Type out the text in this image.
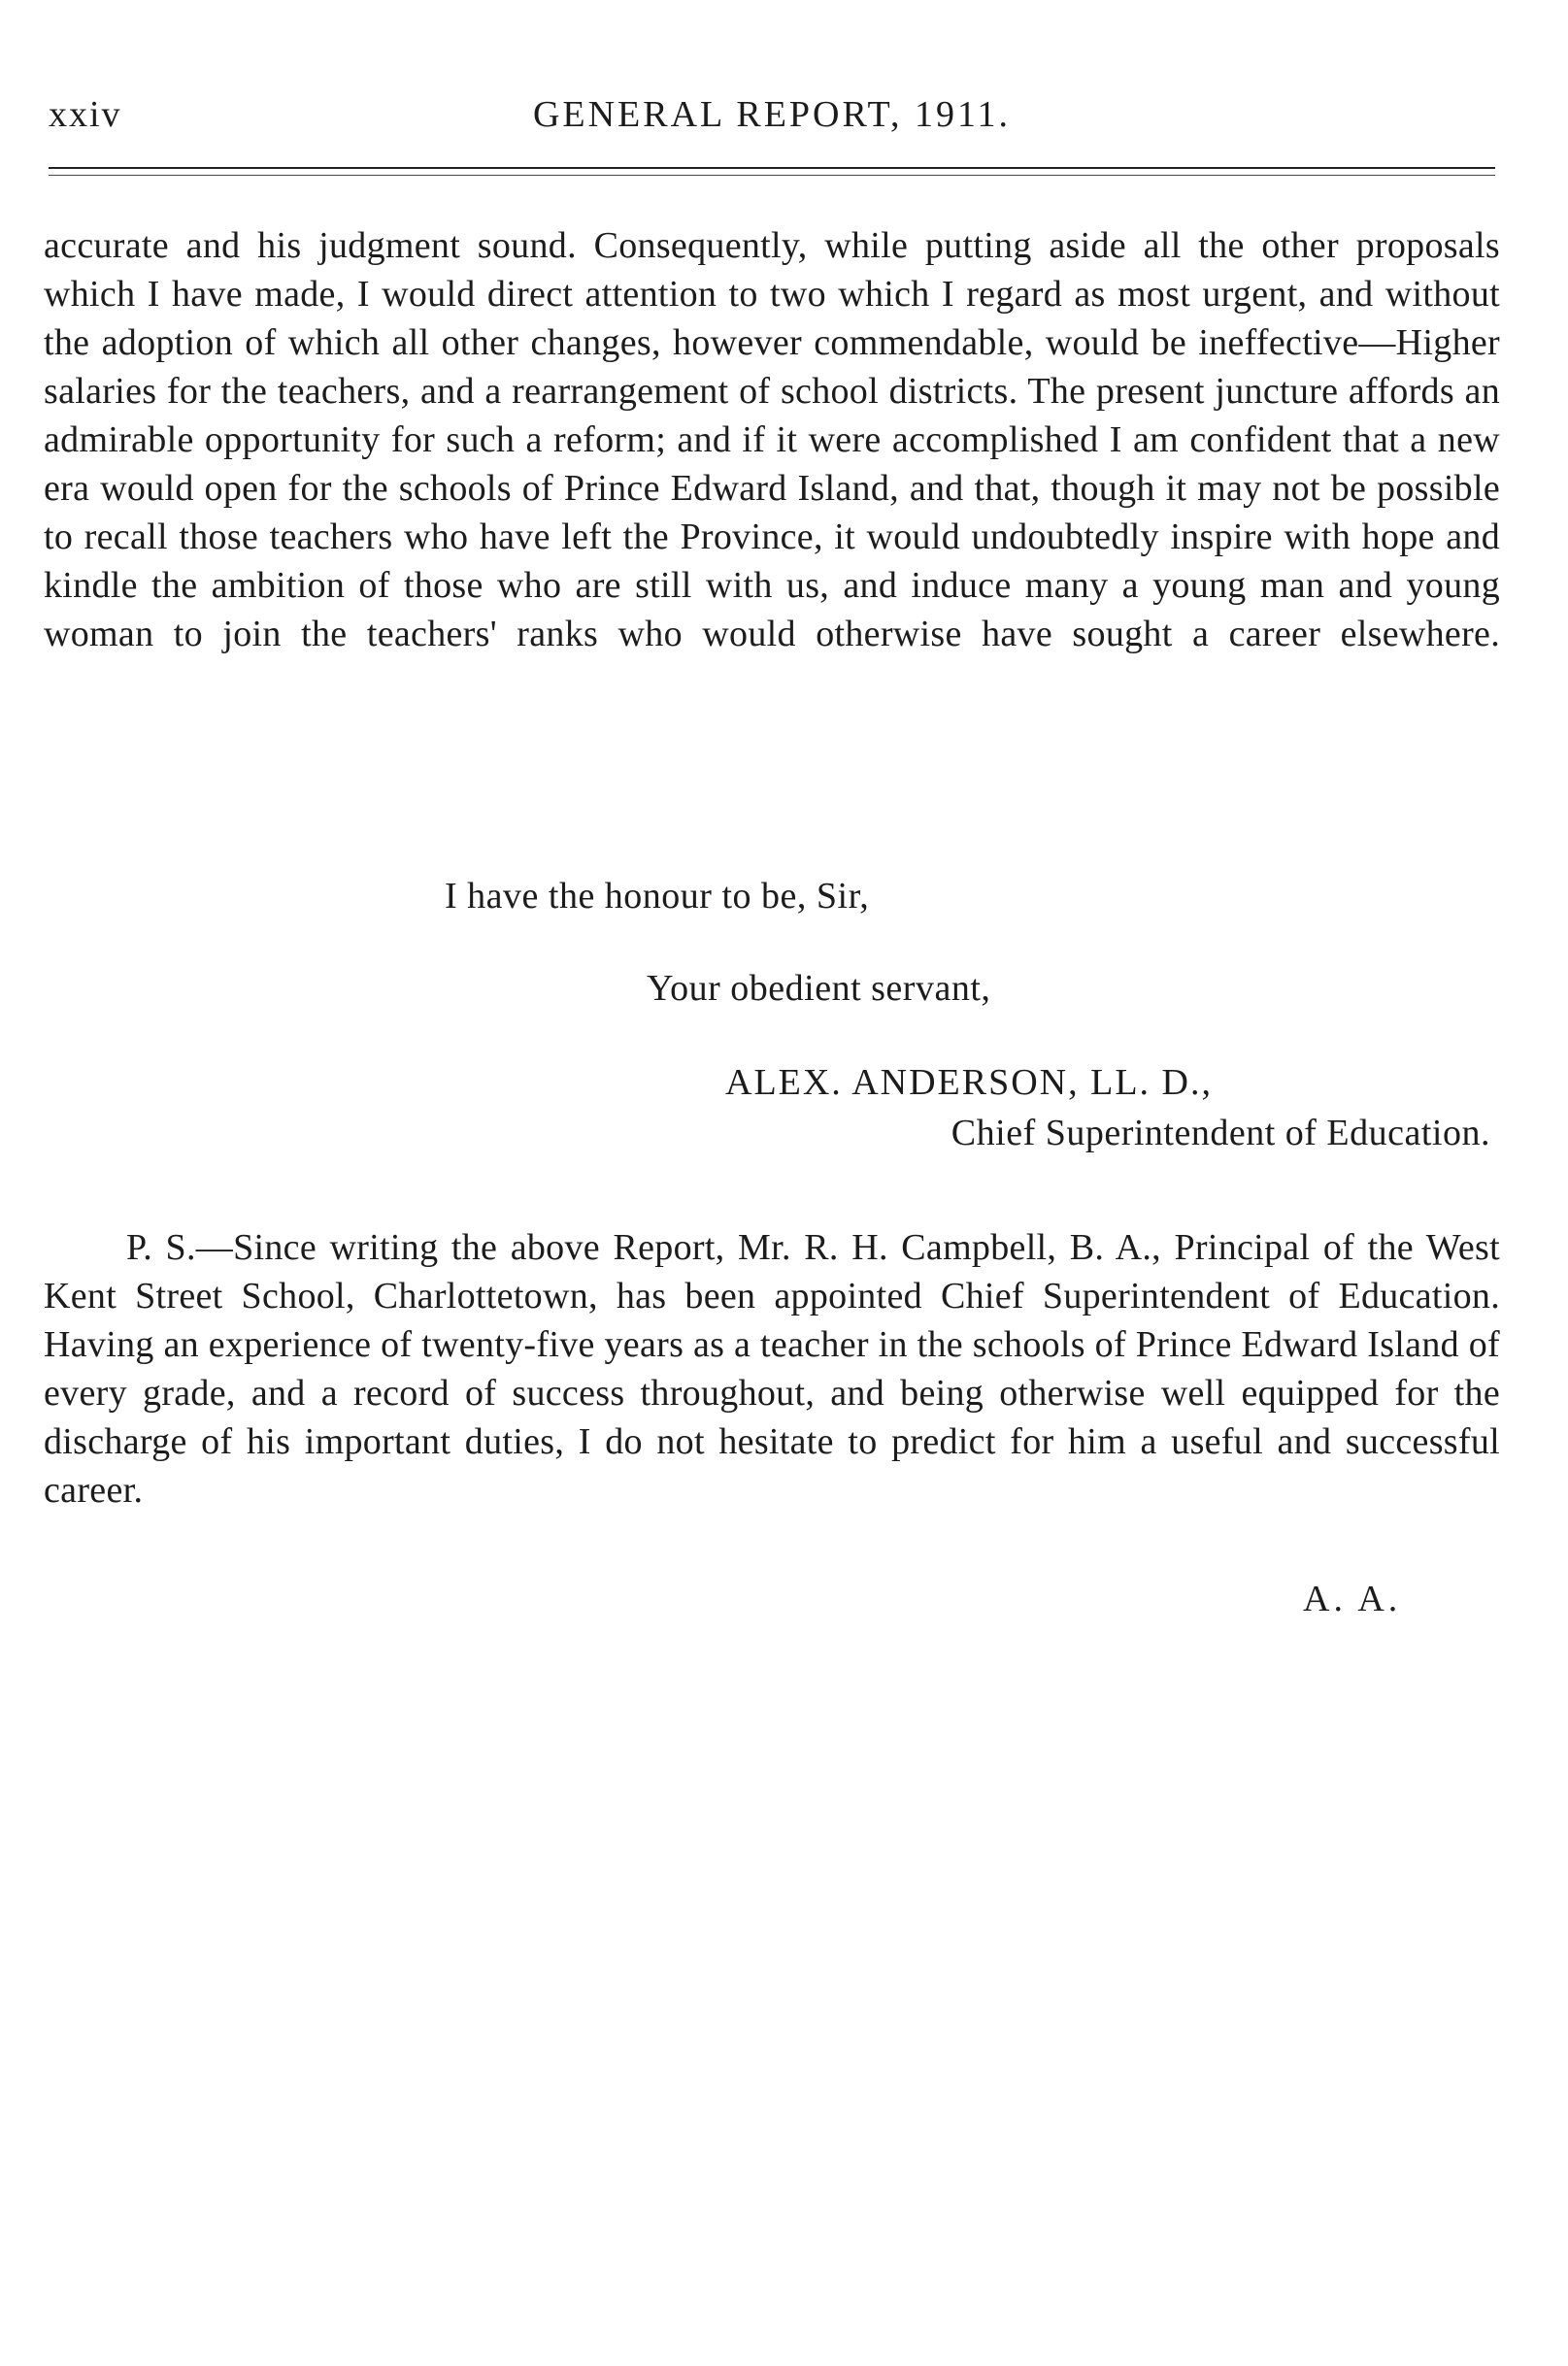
xxiv	GENERAL REPORT, 1911.

accurate and his judgment sound. Consequently, while putting aside all the other proposals which I have made, I would direct attention to two which I regard as most urgent, and without the adoption of which all other changes, however commendable, would be ineffective—Higher salaries for the teachers, and a rearrangement of school districts. The present juncture affords an admirable opportunity for such a reform; and if it were accomplished I am confident that a new era would open for the schools of Prince Edward Island, and that, though it may not be possible to recall those teachers who have left the Province, it would undoubtedly inspire with hope and kindle the ambition of those who are still with us, and induce many a young man and young woman to join the teachers' ranks who would otherwise have sought a career elsewhere.

I have the honour to be, Sir,
Your obedient servant,
ALEX. ANDERSON, LL. D.,
Chief Superintendent of Education.

P. S.—Since writing the above Report, Mr. R. H. Campbell, B. A., Principal of the West Kent Street School, Charlottetown, has been appointed Chief Superintendent of Education. Having an experience of twenty-five years as a teacher in the schools of Prince Edward Island of every grade, and a record of success throughout, and being otherwise well equipped for the discharge of his important duties, I do not hesitate to predict for him a useful and successful career.

A. A.
